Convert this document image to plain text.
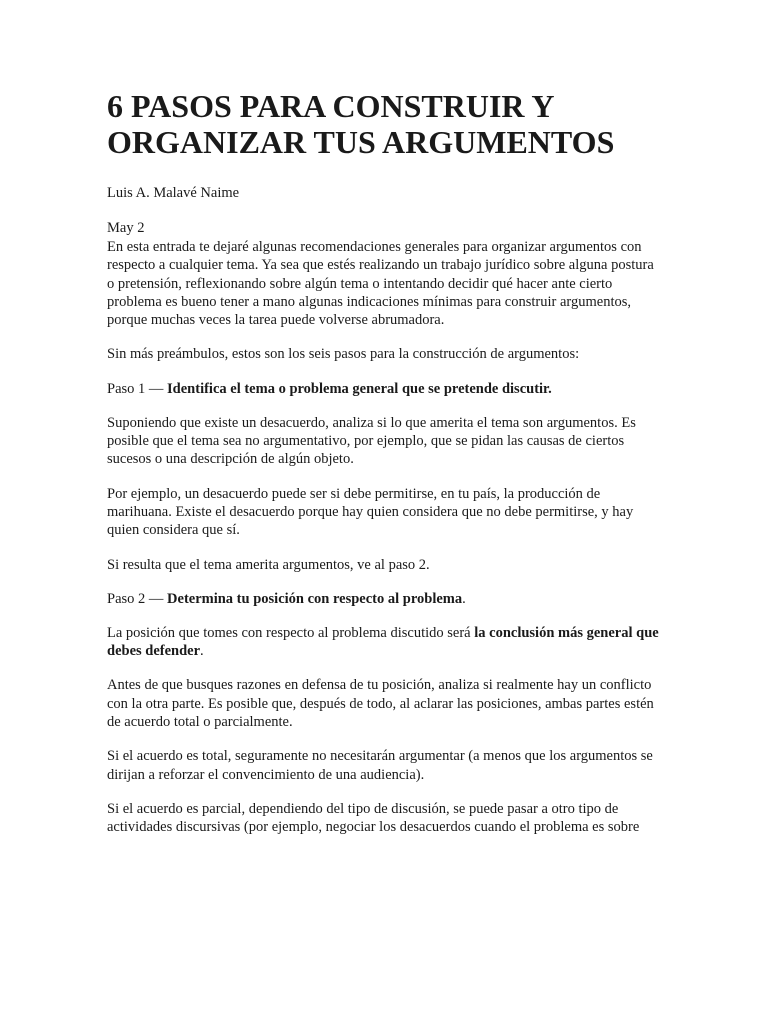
6 PASOS PARA CONSTRUIR Y
ORGANIZAR TUS ARGUMENTOS

Luis A. Malavé Naime

May 2

En esta entrada te dejaré algunas recomendaciones generales para organizar argumentos con respecto a cualquier tema. Ya sea que estés realizando un trabajo jurídico sobre alguna postura o pretensión, reflexionando sobre algún tema o intentando decidir qué hacer ante cierto problema es bueno tener a mano algunas indicaciones mínimas para construir argumentos, porque muchas veces la tarea puede volverse abrumadora.

Sin más preámbulos, estos son los seis pasos para la construcción de argumentos:

Paso 1 — Identifica el tema o problema general que se pretende discutir.

Suponiendo que existe un desacuerdo, analiza si lo que amerita el tema son argumentos. Es posible que el tema sea no argumentativo, por ejemplo, que se pidan las causas de ciertos sucesos o una descripción de algún objeto.

Por ejemplo, un desacuerdo puede ser si debe permitirse, en tu país, la producción de marihuana. Existe el desacuerdo porque hay quien considera que no debe permitirse, y hay quien considera que sí.

Si resulta que el tema amerita argumentos, ve al paso 2.

Paso 2 — Determina tu posición con respecto al problema.

La posición que tomes con respecto al problema discutido será la conclusión más general que debes defender.

Antes de que busques razones en defensa de tu posición, analiza si realmente hay un conflicto con la otra parte. Es posible que, después de todo, al aclarar las posiciones, ambas partes estén de acuerdo total o parcialmente.

Si el acuerdo es total, seguramente no necesitarán argumentar (a menos que los argumentos se dirijan a reforzar el convencimiento de una audiencia).

Si el acuerdo es parcial, dependiendo del tipo de discusión, se puede pasar a otro tipo de actividades discursivas (por ejemplo, negociar los desacuerdos cuando el problema es sobre
